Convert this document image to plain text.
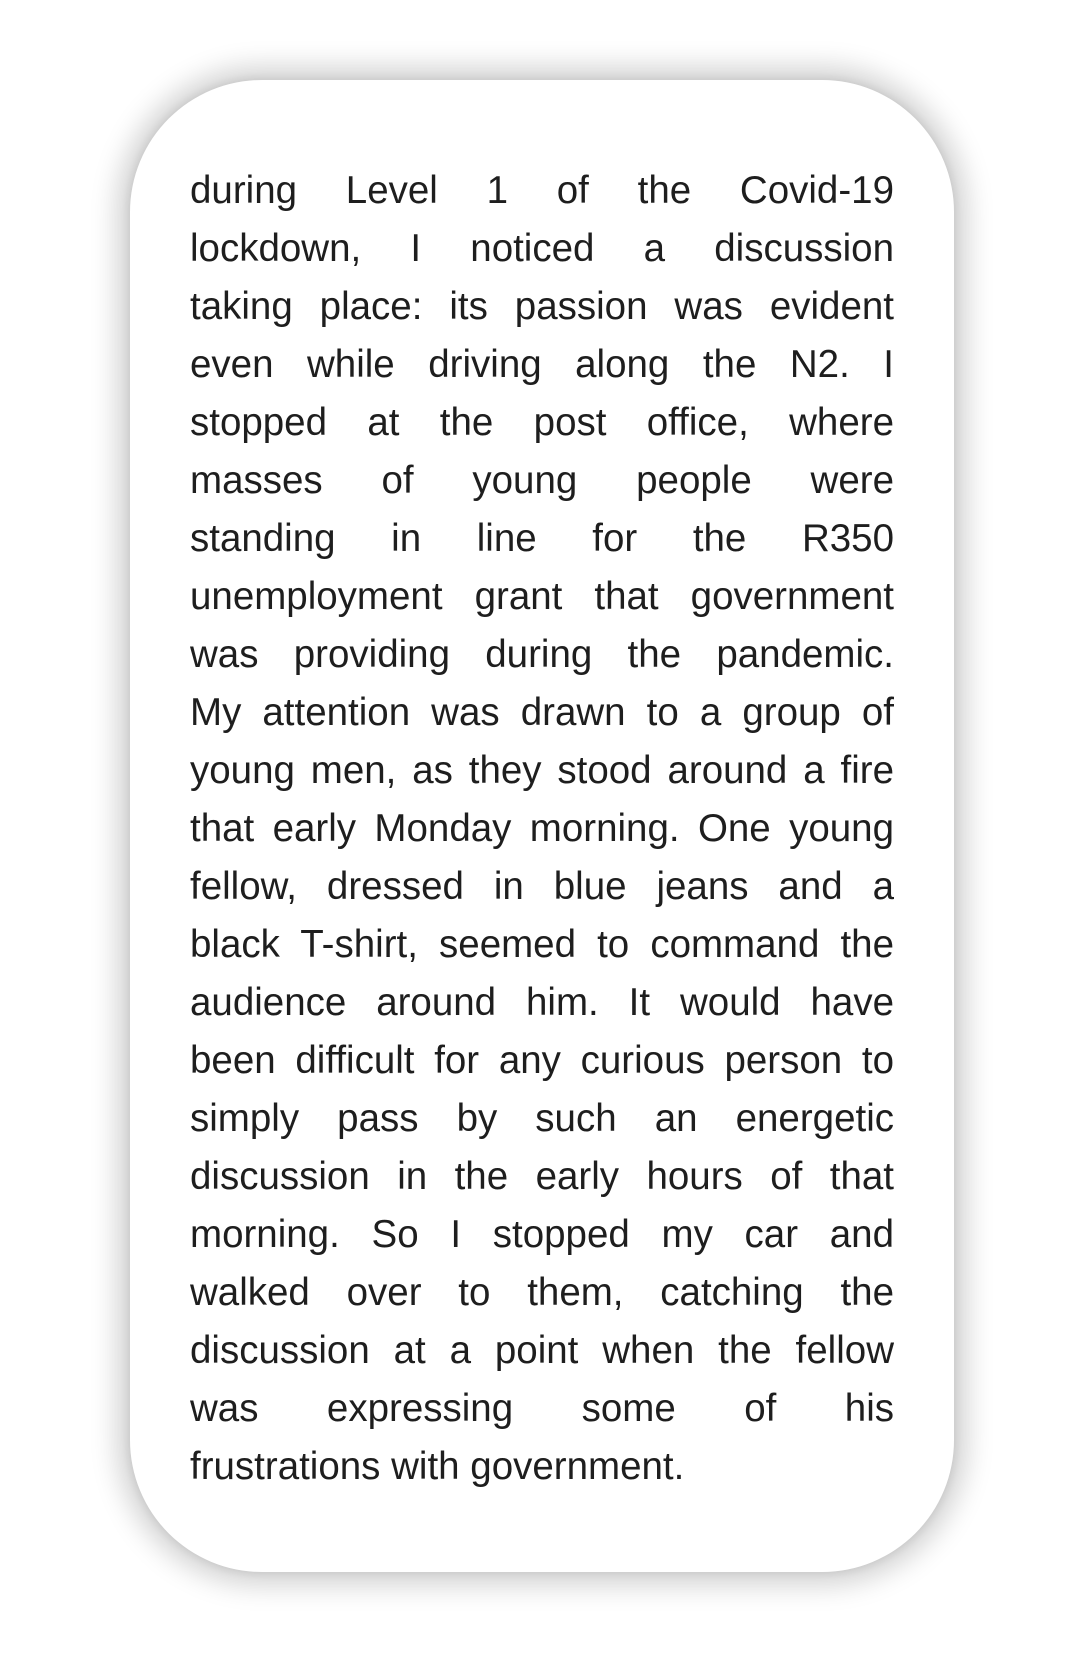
during Level 1 of the Covid-19
lockdown, I noticed a discussion
taking place: its passion was evident
even while driving along the N2. I
stopped at the post office, where
masses of young people were
standing in line for the R350
unemployment grant that government
was providing during the pandemic.
My attention was drawn to a group of
young men, as they stood around a fire
that early Monday morning. One young
fellow, dressed in blue jeans and a
black T-shirt, seemed to command the
audience around him. It would have
been difficult for any curious person to
simply pass by such an energetic
discussion in the early hours of that
morning. So I stopped my car and
walked over to them, catching the
discussion at a point when the fellow
was expressing some of his
frustrations with government.
